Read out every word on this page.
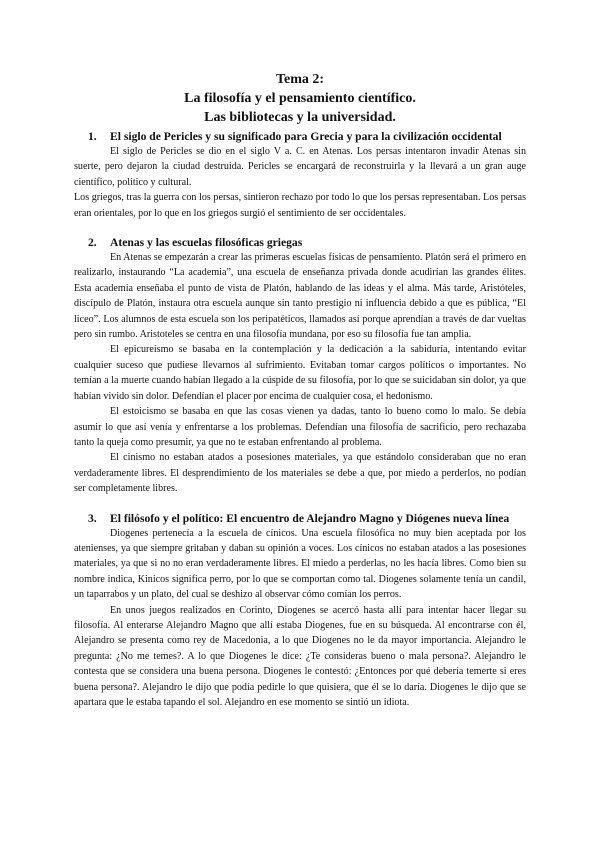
Tema 2:
La filosofía y el pensamiento científico.
Las bibliotecas y la universidad.
1. El siglo de Pericles y su significado para Grecia y para la civilización occidental

El siglo de Pericles se dio en el siglo V a. C. en Atenas. Los persas intentaron invadir Atenas sin suerte, pero dejaron la ciudad destruida. Pericles se encargará de reconstruirla y la llevará a un gran auge científico, político y cultural.

Los griegos, tras la guerra con los persas, sintieron rechazo por todo lo que los persas representaban. Los persas eran orientales, por lo que en los griegos surgió el sentimiento de ser occidentales.

2. Atenas y las escuelas filosóficas griegas

En Atenas se empezarán a crear las primeras escuelas físicas de pensamiento. Platón será el primero en realizarlo, instaurando “La academia”, una escuela de enseñanza privada donde acudirían las grandes élites. Esta academia enseñaba el punto de vista de Platón, hablando de las ideas y el alma. Más tarde, Aristóteles, discípulo de Platón, instaura otra escuela aunque sin tanto prestigio ni influencia debido a que es pública, “El liceo”. Los alumnos de esta escuela son los peripatéticos, llamados así porque aprendían a través de dar vueltas pero sin rumbo. Aristoteles se centra en una filosofía mundana, por eso su filosofía fue tan amplia.

El epicureísmo se basaba en la contemplación y la dedicación a la sabiduría, intentando evitar cualquier suceso que pudiese llevarnos al sufrimiento. Evitaban tomar cargos políticos o importantes. No temían a la muerte cuando habían llegado a la cúspide de su filosofía, por lo que se suicidaban sin dolor, ya que habían vivido sin dolor. Defendían el placer por encima de cualquier cosa, el hedonismo.

El estoicismo se basaba en que las cosas vienen ya dadas, tanto lo bueno como lo malo. Se debía asumir lo que así venía y enfrentarse a los problemas. Defendían una filosofía de sacrificio, pero rechazaba tanto la queja como presumir, ya que no te estaban enfrentando al problema.

El cinismo no estaban atados a posesiones materiales, ya que estándolo consideraban que no eran verdaderamente libres. El desprendimiento de los materiales se debe a que, por miedo a perderlos, no podían ser completamente libres.

3. El filósofo y el político: El encuentro de Alejandro Magno y Diógenes nueva línea

Diogenes pertenecía a la escuela de cínicos. Una escuela filosófica no muy bien aceptada por los atenienses, ya que siempre gritaban y daban su opinión a voces. Los cínicos no estaban atados a las posesiones materiales, ya que si no no eran verdaderamente libres. El miedo a perderlas, no les hacía libres. Como bien su nombre indica, Kinicos significa perro, por lo que se comportan como tal. Diogenes solamente tenía un candil, un taparrabos y un plato, del cual se deshizo al observar cómo comían los perros.

En unos juegos realizados en Corinto, Diogenes se acercó hasta allí para intentar hacer llegar su filosofía. Al enterarse Alejandro Magno que allí estaba Diogenes, fue en su búsqueda. Al encontrarse con él, Alejandro se presenta como rey de Macedonia, a lo que Diogenes no le da mayor importancia. Alejandro le pregunta: ¿No me temes?. A lo que Diogenes le dice: ¿Te consideras bueno o mala persona?. Alejandro le contesta que se considera una buena persona. Diogenes le contestó: ¿Entonces por qué debería temerte si eres buena persona?. Alejandro le dijo que podía pedirle lo que quisiera, que él se lo daría. Diogenes le dijo que se apartara que le estaba tapando el sol. Alejandro en ese momento se sintió un idiota.
